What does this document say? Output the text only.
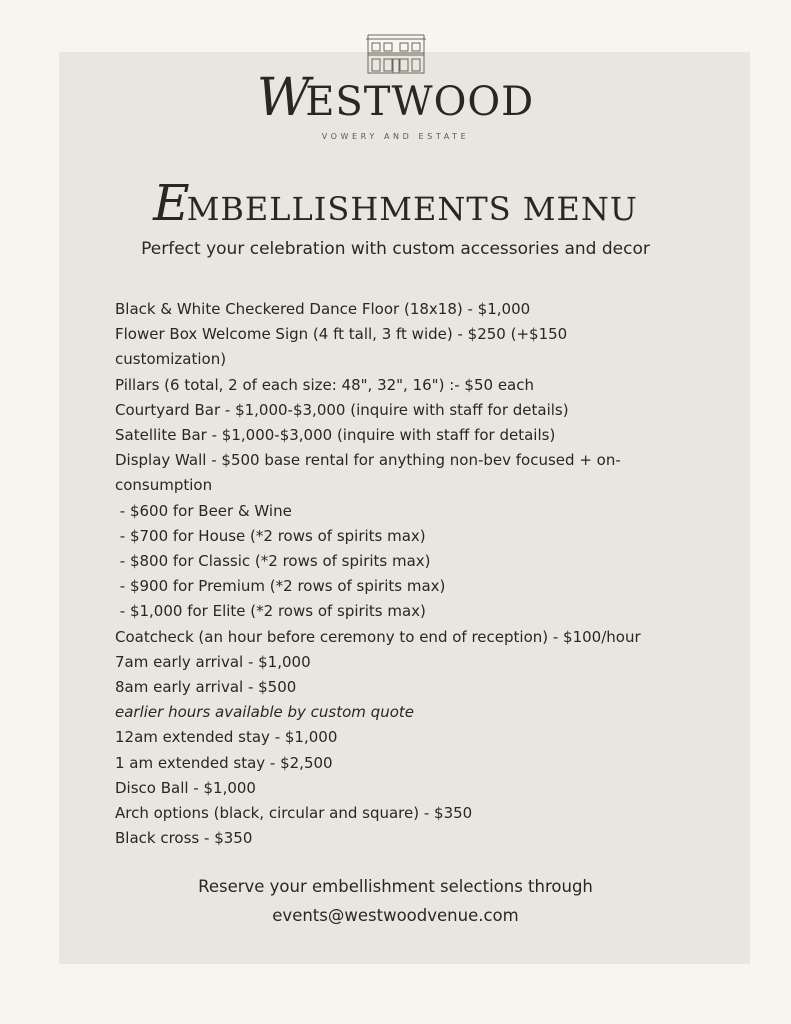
WESTWOOD
VOWERY AND ESTATE
EMBELLISHMENTS MENU
Perfect your celebration with custom accessories and decor
Black & White Checkered Dance Floor (18x18) - $1,000
Flower Box Welcome Sign (4 ft tall, 3 ft wide) - $250 (+$150 customization)
Pillars (6 total, 2 of each size: 48", 32", 16") :- $50 each
Courtyard Bar - $1,000-$3,000 (inquire with staff for details)
Satellite Bar - $1,000-$3,000 (inquire with staff for details)
Display Wall - $500 base rental for anything non-bev focused + on-consumption
- $600 for Beer & Wine
- $700 for House (*2 rows of spirits max)
- $800 for Classic (*2 rows of spirits max)
- $900 for Premium (*2 rows of spirits max)
- $1,000 for Elite (*2 rows of spirits max)
Coatcheck (an hour before ceremony to end of reception) - $100/hour
7am early arrival - $1,000
8am early arrival - $500
earlier hours available by custom quote
12am extended stay - $1,000
1 am extended stay - $2,500
Disco Ball - $1,000
Arch options (black, circular and square) - $350
Black cross - $350
Reserve your embellishment selections through
events@westwoodvenue.com
